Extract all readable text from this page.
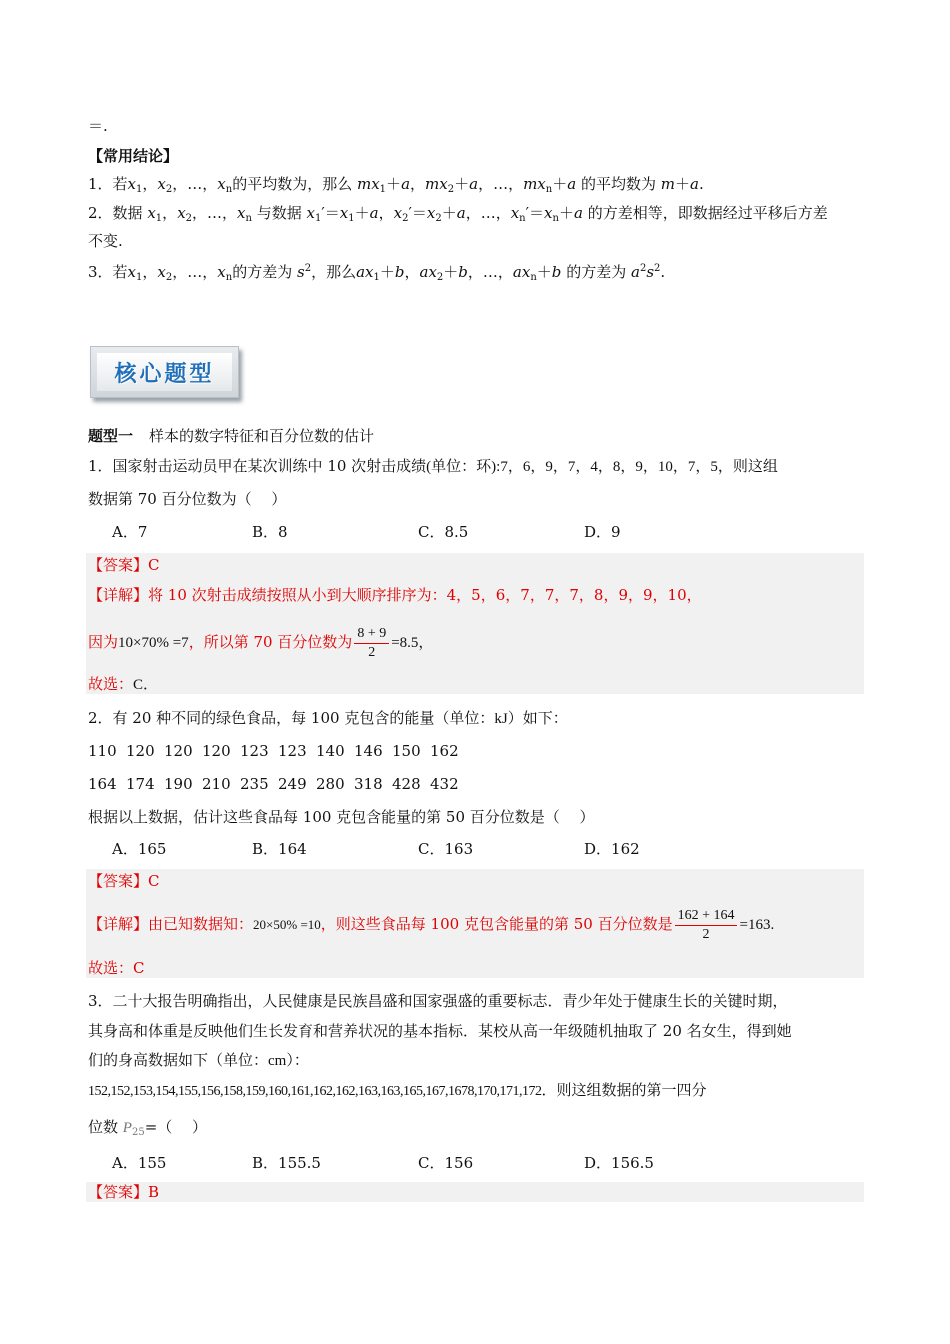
＝.
【常用结论】
1．若$x_1$，$x_2$，…，$x_n$的平均数为，那么 $mx_1+a$，$mx_2+a$，…，$mx_n+a$ 的平均数为 m＋a.
2．数据 $x_1$，$x_2$，…，$x_n$ 与数据 $x_1'=x_1+a$，$x_2'=x_2+a$，…，$x_n'=x_n+a$ 的方差相等，即数据经过平移后方差
不变.
3．若$x_1$，$x_2$，…，$x_n$的方差为 $s^2$，那么$ax_1+b$，$ax_2+b$，…，$ax_n+b$ 的方差为 $a^2s^2$.
核心题型
题型一 样本的数字特征和百分位数的估计
1．国家射击运动员甲在某次训练中 10 次射击成绩(单位：环):7，6，9，7，4，8，9，10，7，5，则这组
数据第 70 百分位数为（　 ）
A．7	B．8	C．8.5	D．9
【答案】C
【详解】将 10 次射击成绩按照从小到大顺序排序为：4，5，6，7，7，7，8，9，9，10，
因为10×70% =7，所以第 70 百分位数为 $\frac{8 + 9}{2} =8.5$，
故选：C．
2．有 20 种不同的绿色食品，每 100 克包含的能量（单位：kJ）如下：
110 120 120 120 123 123 140 146 150 162
164 174 190 210 235 249 280 318 428 432
根据以上数据，估计这些食品每 100 克包含能量的第 50 百分位数是（　 ）
A．165	B．164	C．163	D．162
【答案】C
【详解】由已知数据知：20×50% =10，则这些食品每 100 克包含能量的第 50 百分位数是 $\frac{162 + 164}{2} =163$.
故选：C
3．二十大报告明确指出，人民健康是民族昌盛和国家强盛的重要标志．青少年处于健康生长的关键时期，
其身高和体重是反映他们生长发育和营养状况的基本指标．某校从高一年级随机抽取了 20 名女生，得到她
们的身高数据如下（单位：cm）：
152,152,153,154,155,156,158,159,160,161,162,162,163,163,165,167,1678,170,171,172．则这组数据的第一四分
位数 $P_{25}=$（　 ）
A．155	B．155.5	C．156	D．156.5
【答案】B
